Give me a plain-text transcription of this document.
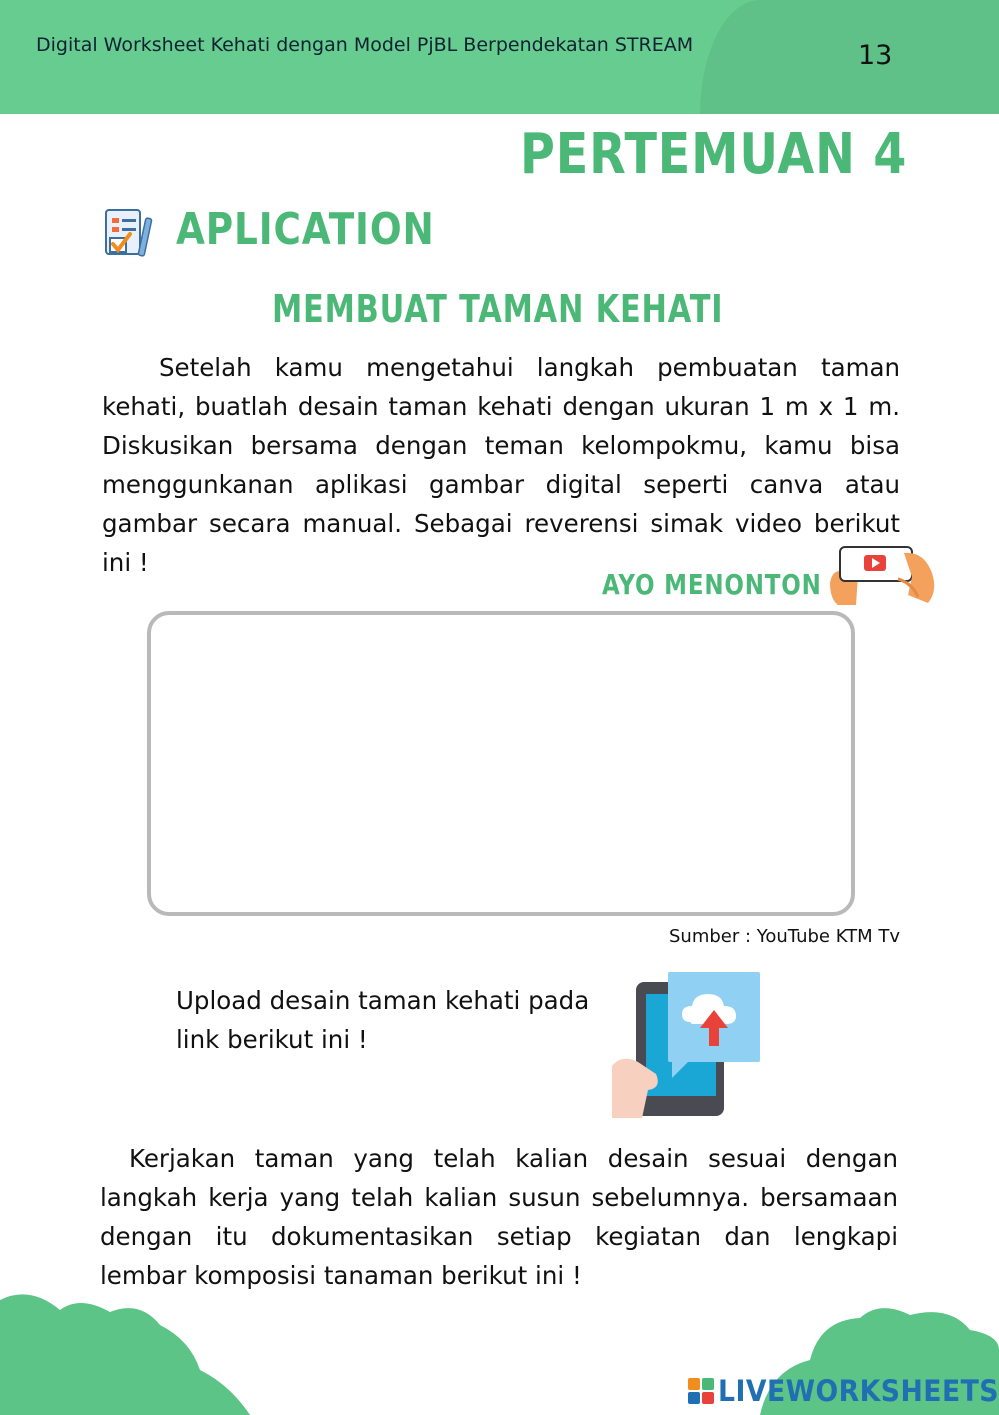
Digital Worksheet Kehati dengan Model PjBL Berpendekatan STREAM	13
PERTEMUAN 4
APLICATION
MEMBUAT TAMAN KEHATI
Setelah kamu mengetahui langkah pembuatan taman kehati, buatlah desain taman kehati dengan ukuran 1 m x 1 m. Diskusikan bersama dengan teman kelompokmu, kamu bisa menggunkanan aplikasi gambar digital seperti canva atau gambar secara manual. Sebagai reverensi simak video berikut ini !
AYO MENONTON
Sumber : YouTube KTM Tv
Upload desain taman kehati pada link berikut ini !
Kerjakan taman yang telah kalian desain sesuai dengan langkah kerja yang telah kalian susun sebelumnya. bersamaan dengan itu dokumentasikan setiap kegiatan dan lengkapi lembar komposisi tanaman berikut ini !
LIVEWORKSHEETS
